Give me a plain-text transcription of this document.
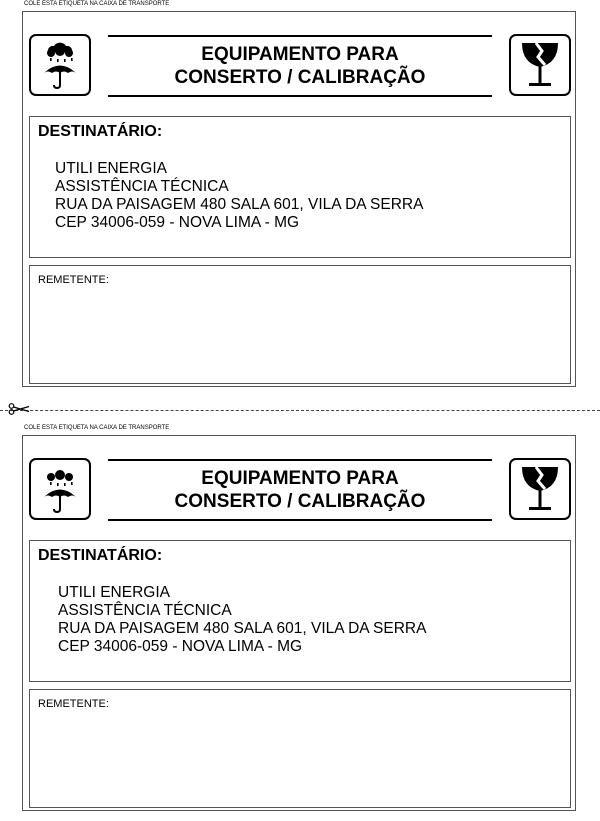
COLE ESTA ETIQUETA NA CAIXA DE TRANSPORTE
EQUIPAMENTO PARA
CONSERTO / CALIBRAÇÃO
DESTINATÁRIO:
UTILI ENERGIA
ASSISTÊNCIA TÉCNICA
RUA DA PAISAGEM 480 SALA 601, VILA DA SERRA
CEP 34006-059 - NOVA LIMA - MG
REMETENTE:
COLE ESTA ETIQUETA NA CAIXA DE TRANSPORTE
EQUIPAMENTO PARA
CONSERTO / CALIBRAÇÃO
DESTINATÁRIO:
UTILI ENERGIA
ASSISTÊNCIA TÉCNICA
RUA DA PAISAGEM 480 SALA 601, VILA DA SERRA
CEP 34006-059 - NOVA LIMA - MG
REMETENTE:
